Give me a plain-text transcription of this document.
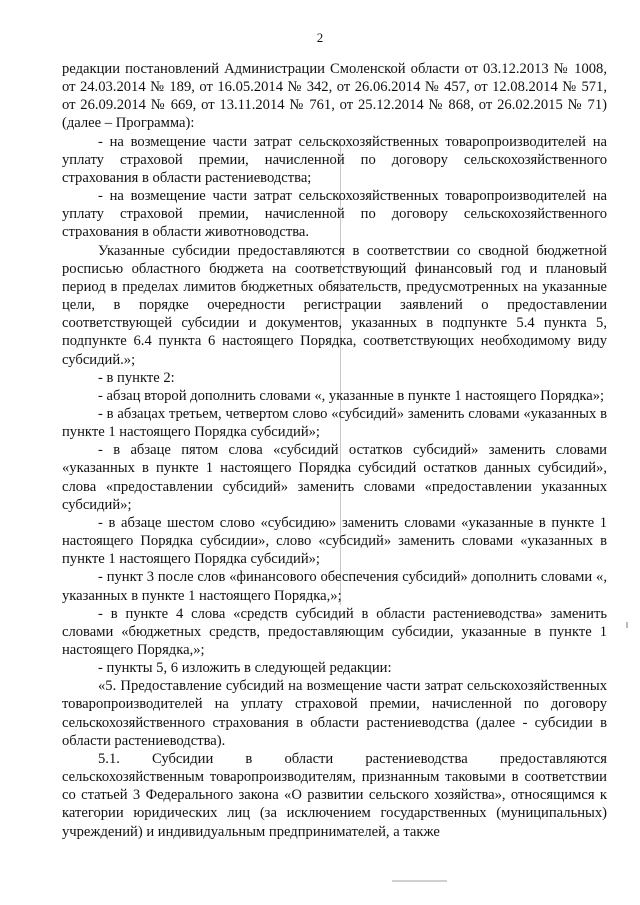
2

редакции постановлений Администрации Смоленской области от 03.12.2013 № 1008, от 24.03.2014 № 189, от 16.05.2014 № 342, от 26.06.2014 № 457, от 12.08.2014 № 571, от 26.09.2014 № 669, от 13.11.2014 № 761, от 25.12.2014 № 868, от 26.02.2015 № 71) (далее – Программа):

- на возмещение части затрат сельскохозяйственных товаропроизводителей на уплату страховой премии, начисленной по договору сельскохозяйственного страхования в области растениеводства;

- на возмещение части затрат сельскохозяйственных товаропроизводителей на уплату страховой премии, начисленной по договору сельскохозяйственного страхования в области животноводства.

Указанные субсидии предоставляются в соответствии со сводной бюджетной росписью областного бюджета на соответствующий финансовый год и плановый период в пределах лимитов бюджетных обязательств, предусмотренных на указанные цели, в порядке очередности регистрации заявлений о предоставлении соответствующей субсидии и документов, указанных в подпункте 5.4 пункта 5, подпункте 6.4 пункта 6 настоящего Порядка, соответствующих необходимому виду субсидий.»;

- в пункте 2:

- абзац второй дополнить словами «, указанные в пункте 1 настоящего Порядка»;

- в абзацах третьем, четвертом слово «субсидий» заменить словами «указанных в пункте 1 настоящего Порядка субсидий»;

- в абзаце пятом слова «субсидий остатков субсидий» заменить словами «указанных в пункте 1 настоящего Порядка субсидий остатков данных субсидий», слова «предоставлении субсидий» заменить словами «предоставлении указанных субсидий»;

- в абзаце шестом слово «субсидию» заменить словами «указанные в пункте 1 настоящего Порядка субсидии», слово «субсидий» заменить словами «указанных в пункте 1 настоящего Порядка субсидий»;

- пункт 3 после слов «финансового обеспечения субсидий» дополнить словами «, указанных в пункте 1 настоящего Порядка,»;

- в пункте 4 слова «средств субсидий в области растениеводства» заменить словами «бюджетных средств, предоставляющим субсидии, указанные в пункте 1 настоящего Порядка,»;

- пункты 5, 6 изложить в следующей редакции:

«5. Предоставление субсидий на возмещение части затрат сельскохозяйственных товаропроизводителей на уплату страховой премии, начисленной по договору сельскохозяйственного страхования в области растениеводства (далее - субсидии в области растениеводства).

5.1. Субсидии в области растениеводства предоставляются сельскохозяйственным товаропроизводителям, признанным таковыми в соответствии со статьей 3 Федерального закона «О развитии сельского хозяйства», относящимся к категории юридических лиц (за исключением государственных (муниципальных) учреждений) и индивидуальным предпринимателей, а также
